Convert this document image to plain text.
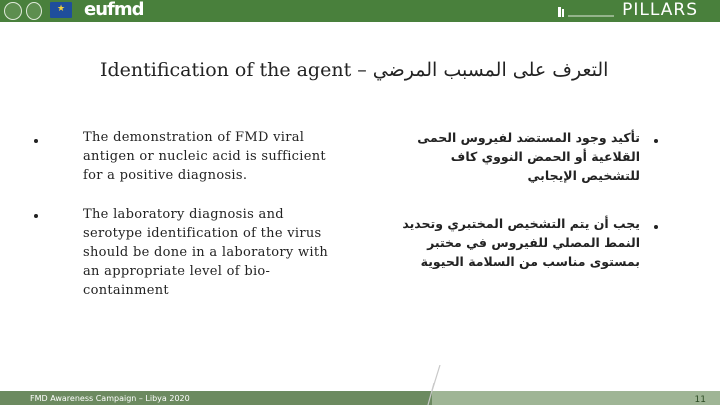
★
eufmd	PILLARS
Identification of the agent – التعرف على المسبب المرضي
The demonstration of FMD viral antigen or nucleic acid is sufficient for a positive diagnosis.
The laboratory diagnosis and serotype identification of the virus should be done in a laboratory with an appropriate level of bio-containment
تأكيد وجود المستضد لفيروس الحمى القلاعية أو الحمض النووي كاف للتشخيص الإيجابي
يجب أن يتم التشخيص المختبري وتحديد النمط المصلي للفيروس في مختبر بمستوى مناسب من السلامة الحيوية
FMD Awareness Campaign – Libya 2020	11
